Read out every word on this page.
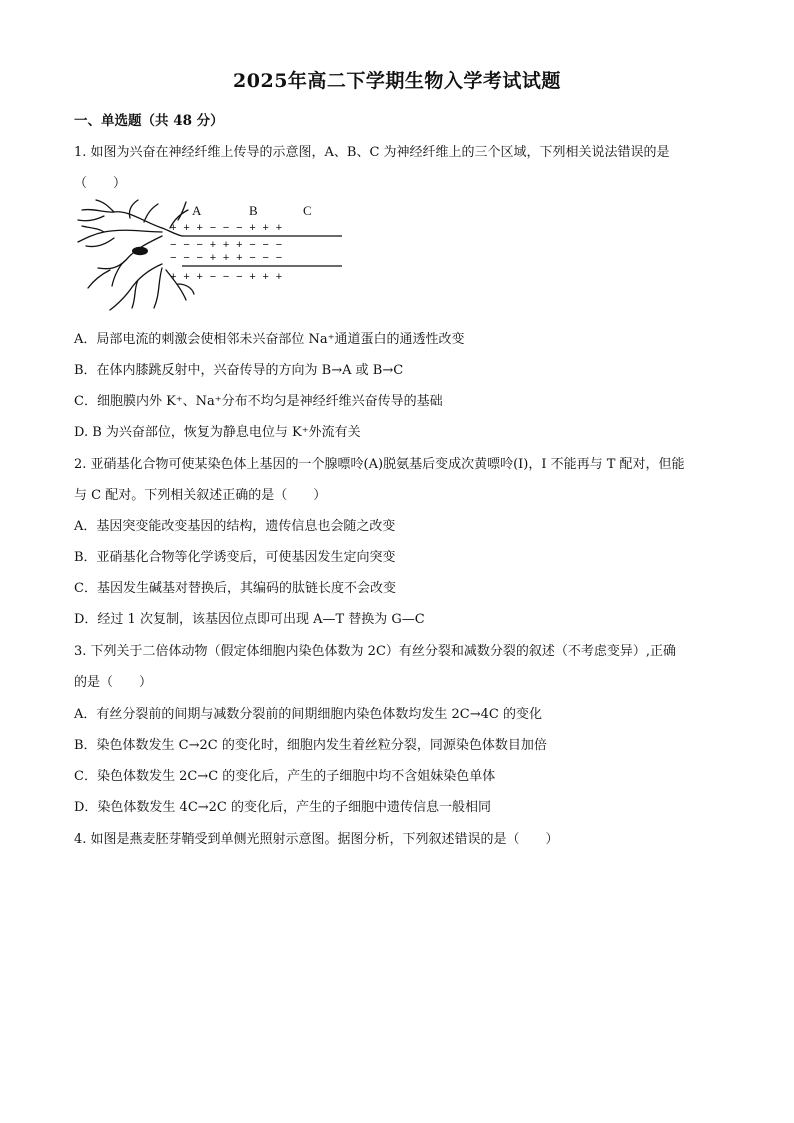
2025年高二下学期生物入学考试试题
一、单选题（共 48 分）
1. 如图为兴奋在神经纤维上传导的示意图，A、B、C 为神经纤维上的三个区域，下列相关说法错误的是
（　　）
A	B	C
+ + + − − − + + +
− − − + + + − − −
− − − + + + − − −
+ + + − − − + + +
A．局部电流的刺激会使相邻未兴奋部位 Na⁺通道蛋白的通透性改变
B．在体内膝跳反射中，兴奋传导的方向为 B→A 或 B→C
C．细胞膜内外 K⁺、Na⁺分布不均匀是神经纤维兴奋传导的基础
D. B 为兴奋部位，恢复为静息电位与 K⁺外流有关
2. 亚硝基化合物可使某染色体上基因的一个腺嘌呤(A)脱氨基后变成次黄嘌呤(I)，I 不能再与 T 配对，但能
与 C 配对。下列相关叙述正确的是（　　）
A．基因突变能改变基因的结构，遗传信息也会随之改变
B．亚硝基化合物等化学诱变后，可使基因发生定向突变
C．基因发生碱基对替换后，其编码的肽链长度不会改变
D．经过 1 次复制，该基因位点即可出现 A—T 替换为 G—C
3. 下列关于二倍体动物（假定体细胞内染色体数为 2C）有丝分裂和减数分裂的叙述（不考虑变异）,正确
的是（　　）
A．有丝分裂前的间期与减数分裂前的间期细胞内染色体数均发生 2C→4C 的变化
B．染色体数发生 C→2C 的变化时，细胞内发生着丝粒分裂，同源染色体数目加倍
C．染色体数发生 2C→C 的变化后，产生的子细胞中均不含姐妹染色单体
D．染色体数发生 4C→2C 的变化后，产生的子细胞中遗传信息一般相同
4. 如图是燕麦胚芽鞘受到单侧光照射示意图。据图分析，下列叙述错误的是（　　）
